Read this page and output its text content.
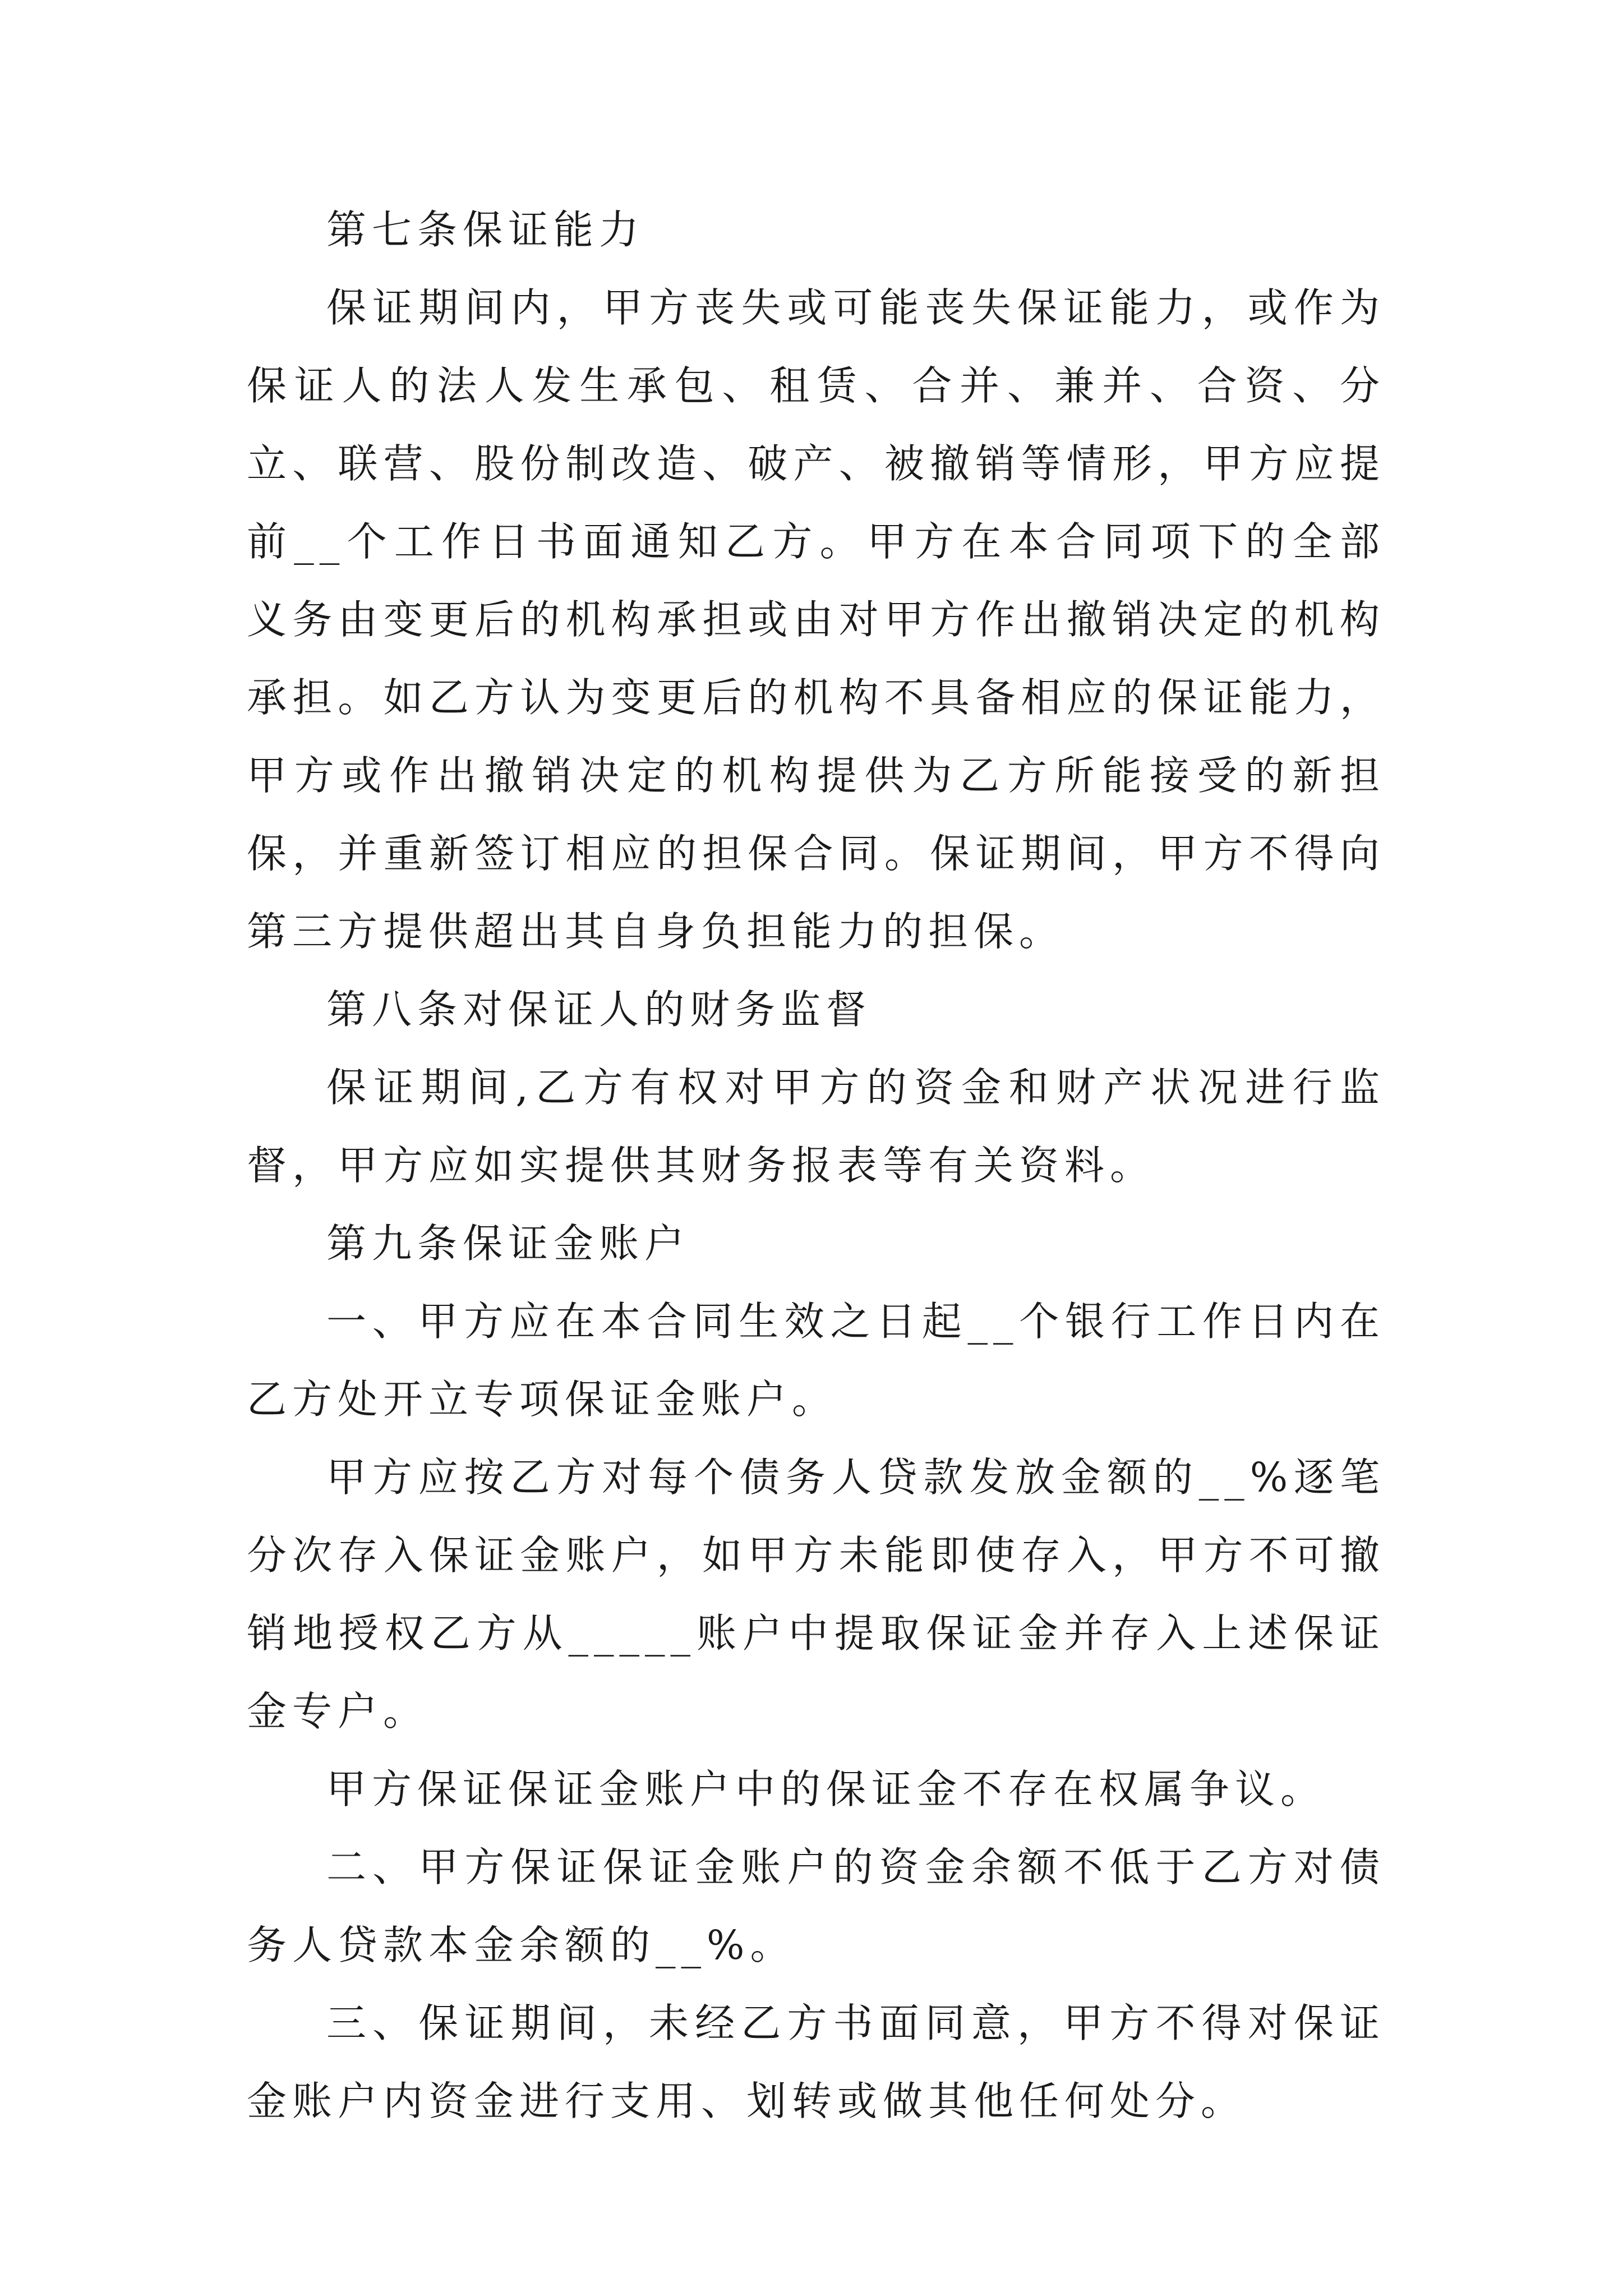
第七条保证能力

保证期间内，甲方丧失或可能丧失保证能力，或作为保证人的法人发生承包、租赁、合并、兼并、合资、分立、联营、股份制改造、破产、被撤销等情形，甲方应提前__个工作日书面通知乙方。甲方在本合同项下的全部义务由变更后的机构承担或由对甲方作出撤销决定的机构承担。如乙方认为变更后的机构不具备相应的保证能力，甲方或作出撤销决定的机构提供为乙方所能接受的新担保，并重新签订相应的担保合同。保证期间，甲方不得向第三方提供超出其自身负担能力的担保。

第八条对保证人的财务监督

保证期间,乙方有权对甲方的资金和财产状况进行监督，甲方应如实提供其财务报表等有关资料。

第九条保证金账户

一、甲方应在本合同生效之日起__个银行工作日内在乙方处开立专项保证金账户。

甲方应按乙方对每个债务人贷款发放金额的__%逐笔分次存入保证金账户，如甲方未能即使存入，甲方不可撤销地授权乙方从_____账户中提取保证金并存入上述保证金专户。

甲方保证保证金账户中的保证金不存在权属争议。

二、甲方保证保证金账户的资金余额不低于乙方对债务人贷款本金余额的__%。

三、保证期间，未经乙方书面同意，甲方不得对保证金账户内资金进行支用、划转或做其他任何处分。
